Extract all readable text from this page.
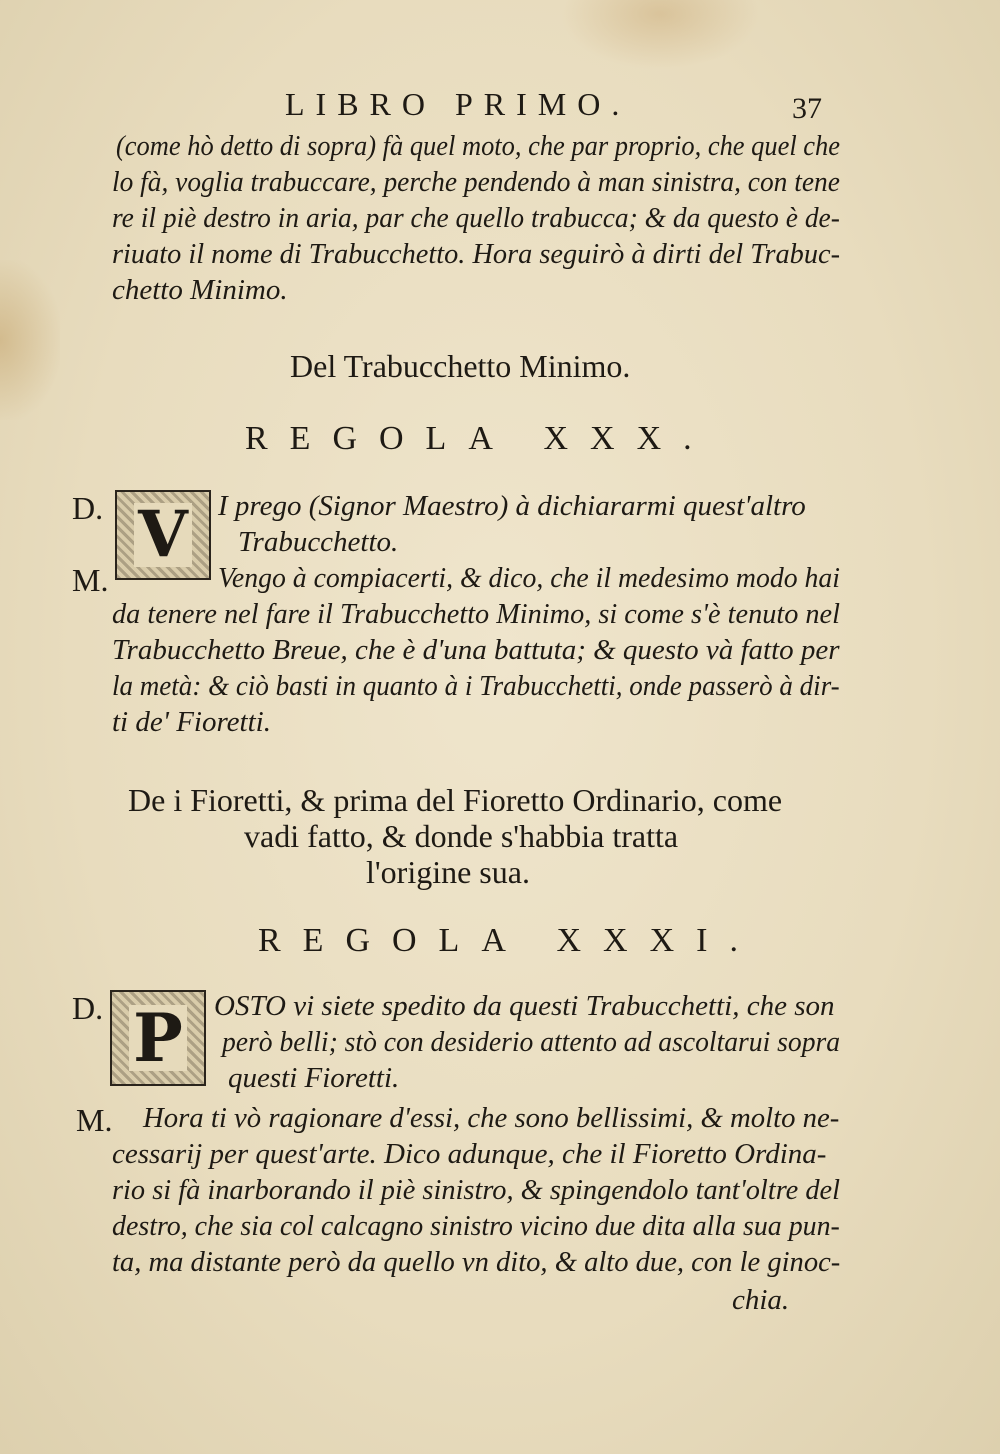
LIBRO PRIMO.	37
(come hò detto di sopra) fà quel moto, che par proprio, che quel che
lo fà, voglia trabuccare, perche pendendo à man sinistra, con tene
re il piè destro in aria, par che quello trabucca; & da questo è de-
riuato il nome di Trabucchetto. Hora seguirò à dirti del Trabuc-
chetto Minimo.
Del Trabucchetto Minimo.
REGOLA XXX.
D. V I prego (Signor Maestro) à dichiararmi quest'altro
Trabucchetto.
M.	Vengo à compiacerti, & dico, che il medesimo modo hai
da tenere nel fare il Trabucchetto Minimo, si come s'è tenuto nel
Trabucchetto Breue, che è d'una battuta; & questo và fatto per
la metà: & ciò basti in quanto à i Trabucchetti, onde passerò à dir-
ti de' Fioretti.
De i Fioretti, & prima del Fioretto Ordinario, come
vadi fatto, & donde s'habbia tratta
l'origine sua.
REGOLA XXXI.
D. P OSTO vi siete spedito da questi Trabucchetti, che son
però belli; stò con desiderio attento ad ascoltarui sopra
questi Fioretti.
M. Hora ti vò ragionare d'essi, che sono bellissimi, & molto ne-
cessarij per quest'arte. Dico adunque, che il Fioretto Ordina-
rio si fà inarborando il piè sinistro, & spingendolo tant'oltre del
destro, che sia col calcagno sinistro vicino due dita alla sua pun-
ta, ma distante però da quello vn dito, & alto due, con le ginoc-
chia.
